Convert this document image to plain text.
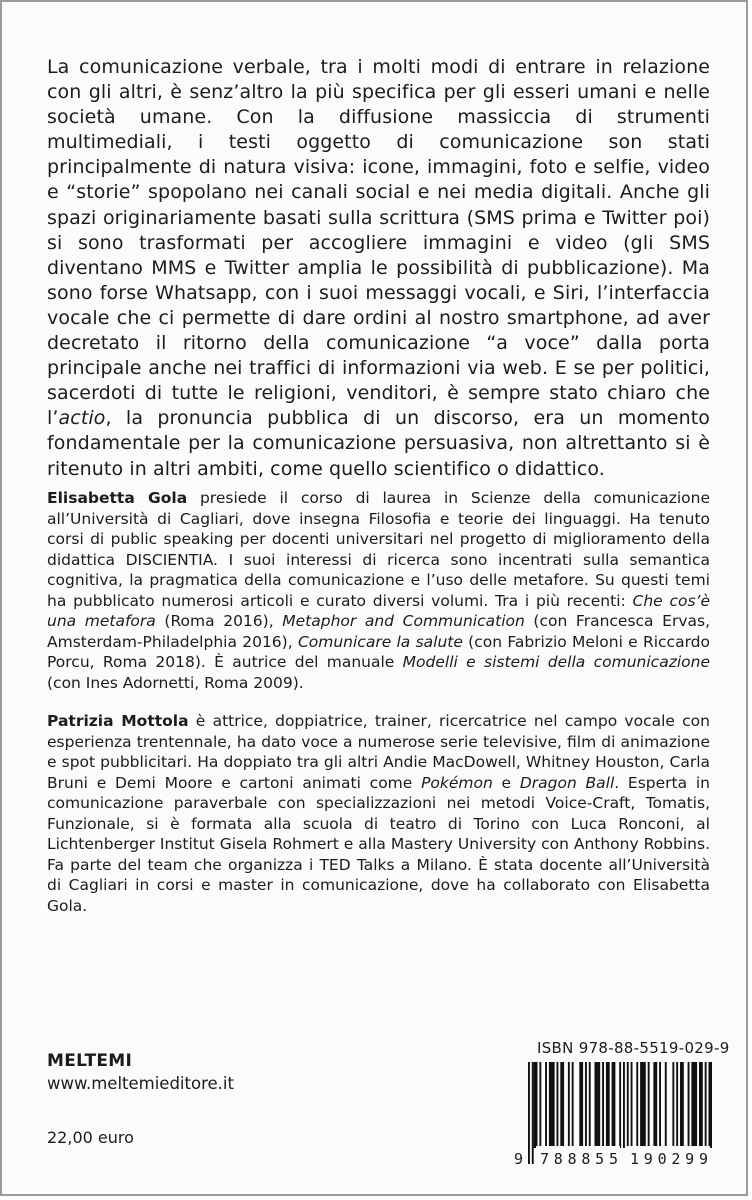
La comunicazione verbale, tra i molti modi di entrare in relazione con gli altri, è senz’altro la più specifica per gli esseri umani e nelle società umane. Con la diffusione massiccia di strumenti multimediali, i testi oggetto di comunicazione son stati principalmente di natura visiva: icone, immagini, foto e selfie, video e “storie” spopolano nei canali social e nei media digitali. Anche gli spazi originariamente basati sulla scrittura (SMS prima e Twitter poi) si sono trasformati per accogliere immagini e video (gli SMS diventano MMS e Twitter amplia le possibilità di pubblicazione). Ma sono forse Whatsapp, con i suoi messaggi vocali, e Siri, l’interfaccia vocale che ci permette di dare ordini al nostro smartphone, ad aver decretato il ritorno della comunicazione “a voce” dalla porta principale anche nei traffici di informazioni via web. E se per politici, sacerdoti di tutte le religioni, venditori, è sempre stato chiaro che l’actio, la pronuncia pubblica di un discorso, era un momento fondamentale per la comunicazione persuasiva, non altrettanto si è ritenuto in altri ambiti, come quello scientifico o didattico.

Elisabetta Gola presiede il corso di laurea in Scienze della comunicazione all’Università di Cagliari, dove insegna Filosofia e teorie dei linguaggi. Ha tenuto corsi di public speaking per docenti universitari nel progetto di miglioramento della didattica DISCIENTIA. I suoi interessi di ricerca sono incentrati sulla semantica cognitiva, la pragmatica della comunicazione e l’uso delle metafore. Su questi temi ha pubblicato numerosi articoli e curato diversi volumi. Tra i più recenti: Che cos’è una metafora (Roma 2016), Metaphor and Communication (con Francesca Ervas, Amsterdam-Philadelphia 2016), Comunicare la salute (con Fabrizio Meloni e Riccardo Porcu, Roma 2018). È autrice del manuale Modelli e sistemi della comunicazione (con Ines Adornetti, Roma 2009).

Patrizia Mottola è attrice, doppiatrice, trainer, ricercatrice nel campo vocale con esperienza trentennale, ha dato voce a numerose serie televisive, film di animazione e spot pubblicitari. Ha doppiato tra gli altri Andie MacDowell, Whitney Houston, Carla Bruni e Demi Moore e cartoni animati come Pokémon e Dragon Ball. Esperta in comunicazione paraverbale con specializzazioni nei metodi Voice-Craft, Tomatis, Funzionale, si è formata alla scuola di teatro di Torino con Luca Ronconi, al Lichtenberger Institut Gisela Rohmert e alla Mastery University con Anthony Robbins. Fa parte del team che organizza i TED Talks a Milano. È stata docente all’Università di Cagliari in corsi e master in comunicazione, dove ha collaborato con Elisabetta Gola.

MELTEMI

www.meltemieditore.it

22,00 euro

ISBN 978-88-5519-029-9

9 788855 190299
